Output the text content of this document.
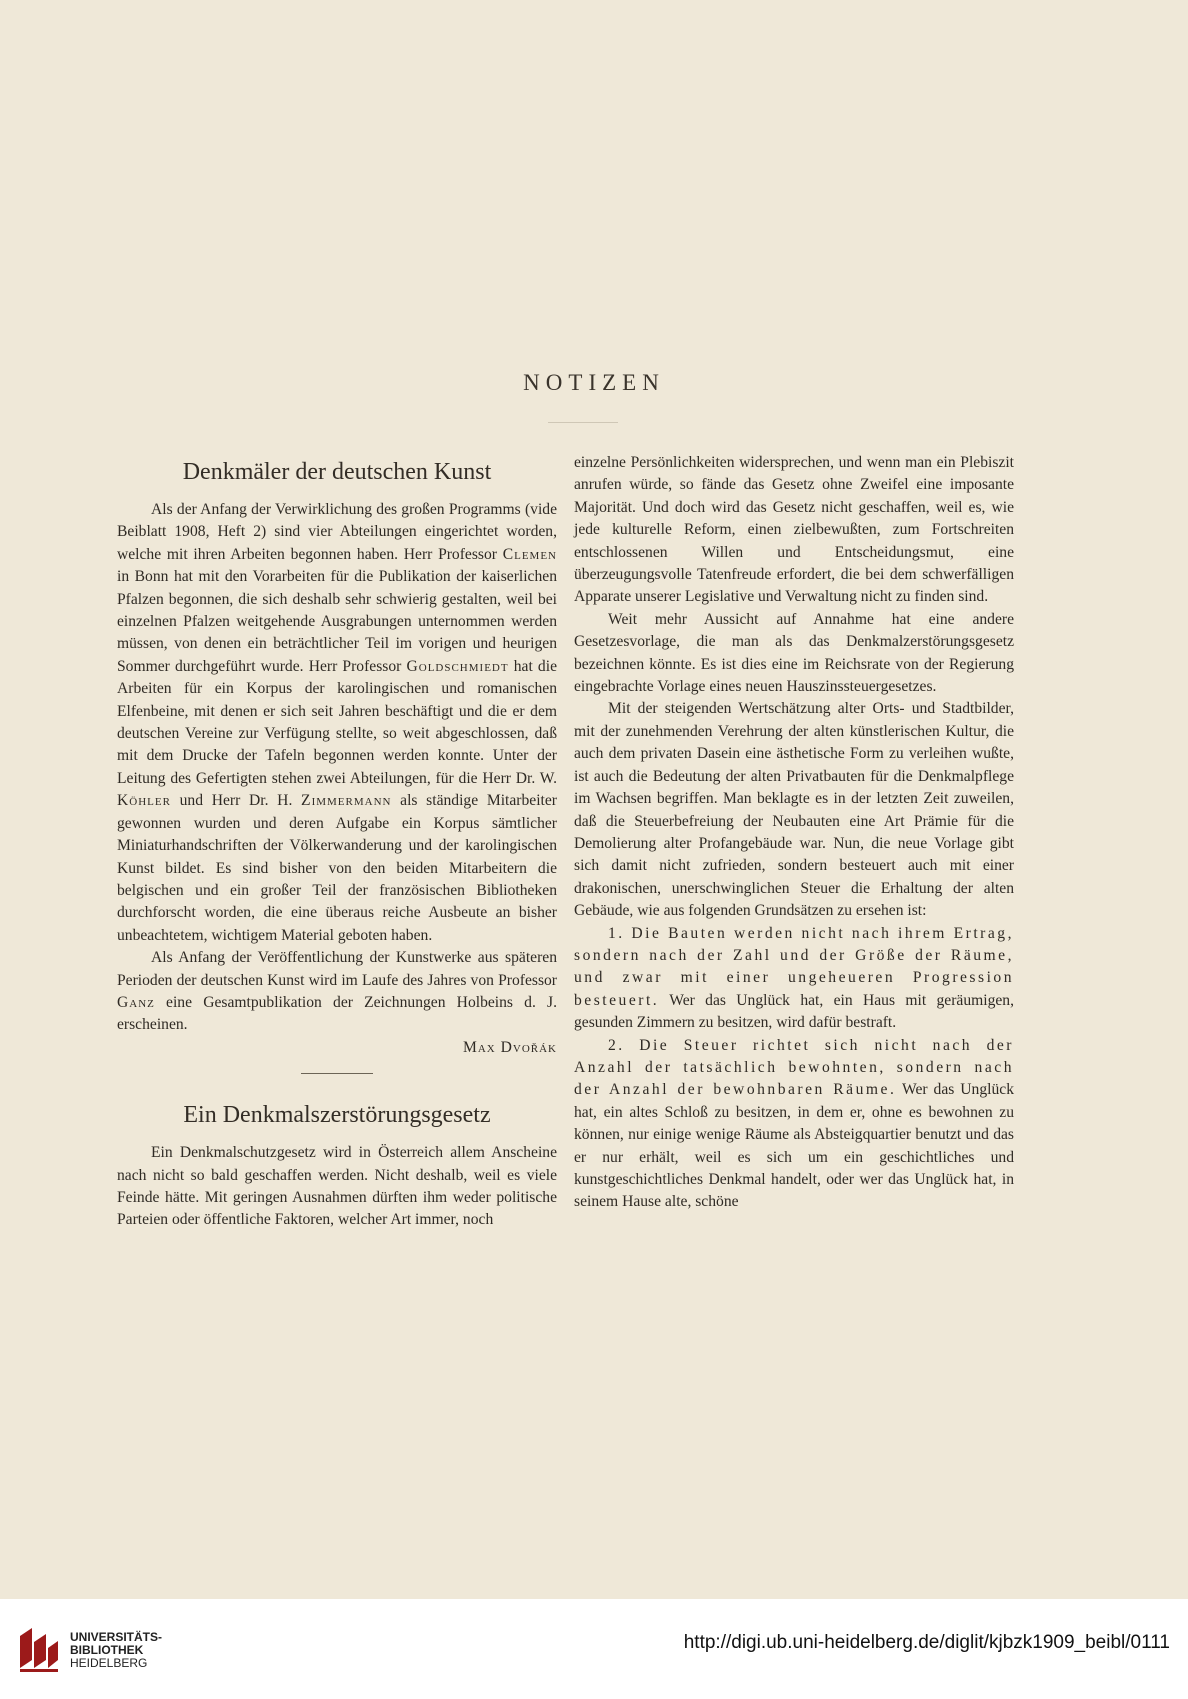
NOTIZEN
Denkmäler der deutschen Kunst

Als der Anfang der Verwirklichung des großen Programms (vide Beiblatt 1908, Heft 2) sind vier Abteilungen eingerichtet worden, welche mit ihren Arbeiten begonnen haben. Herr Professor Clemen in Bonn hat mit den Vorarbeiten für die Publikation der kaiserlichen Pfalzen begonnen, die sich deshalb sehr schwierig gestalten, weil bei einzelnen Pfalzen weitgehende Ausgrabungen unternommen werden müssen, von denen ein beträchtlicher Teil im vorigen und heurigen Sommer durchgeführt wurde. Herr Professor Goldschmiedt hat die Arbeiten für ein Korpus der karolingischen und romanischen Elfenbeine, mit denen er sich seit Jahren beschäftigt und die er dem deutschen Vereine zur Verfügung stellte, so weit abgeschlossen, daß mit dem Drucke der Tafeln begonnen werden konnte. Unter der Leitung des Gefertigten stehen zwei Abteilungen, für die Herr Dr. W. Köhler und Herr Dr. H. Zimmermann als ständige Mitarbeiter gewonnen wurden und deren Aufgabe ein Korpus sämtlicher Miniaturhandschriften der Völkerwanderung und der karolingischen Kunst bildet. Es sind bisher von den beiden Mitarbeitern die belgischen und ein großer Teil der französischen Bibliotheken durchforscht worden, die eine überaus reiche Ausbeute an bisher unbeachtetem, wichtigem Material geboten haben.

Als Anfang der Veröffentlichung der Kunstwerke aus späteren Perioden der deutschen Kunst wird im Laufe des Jahres von Professor Ganz eine Gesamtpublikation der Zeichnungen Holbeins d. J. erscheinen.

Max Dvořák
Ein Denkmalszerstörungsgesetz

Ein Denkmalschutzgesetz wird in Österreich allem Anscheine nach nicht so bald geschaffen werden. Nicht deshalb, weil es viele Feinde hätte. Mit geringen Ausnahmen dürften ihm weder politische Parteien oder öffentliche Faktoren, welcher Art immer, noch

einzelne Persönlichkeiten widersprechen, und wenn man ein Plebiszit anrufen würde, so fände das Gesetz ohne Zweifel eine imposante Majorität. Und doch wird das Gesetz nicht geschaffen, weil es, wie jede kulturelle Reform, einen zielbewußten, zum Fortschreiten entschlossenen Willen und Entscheidungsmut, eine überzeugungsvolle Tatenfreude erfordert, die bei dem schwerfälligen Apparate unserer Legislative und Verwaltung nicht zu finden sind.

Weit mehr Aussicht auf Annahme hat eine andere Gesetzesvorlage, die man als das Denkmalzerstörungsgesetz bezeichnen könnte. Es ist dies eine im Reichsrate von der Regierung eingebrachte Vorlage eines neuen Hauszinssteuergesetzes.

Mit der steigenden Wertschätzung alter Orts- und Stadtbilder, mit der zunehmenden Verehrung der alten künstlerischen Kultur, die auch dem privaten Dasein eine ästhetische Form zu verleihen wußte, ist auch die Bedeutung der alten Privatbauten für die Denkmalpflege im Wachsen begriffen. Man beklagte es in der letzten Zeit zuweilen, daß die Steuerbefreiung der Neubauten eine Art Prämie für die Demolierung alter Profangebäude war. Nun, die neue Vorlage gibt sich damit nicht zufrieden, sondern besteuert auch mit einer drakonischen, unerschwinglichen Steuer die Erhaltung der alten Gebäude, wie aus folgenden Grundsätzen zu ersehen ist:

1. Die Bauten werden nicht nach ihrem Ertrag, sondern nach der Zahl und der Größe der Räume, und zwar mit einer ungeheueren Progression besteuert. Wer das Unglück hat, ein Haus mit geräumigen, gesunden Zimmern zu besitzen, wird dafür bestraft.

2. Die Steuer richtet sich nicht nach der Anzahl der tatsächlich bewohnten, sondern nach der Anzahl der bewohnbaren Räume. Wer das Unglück hat, ein altes Schloß zu besitzen, in dem er, ohne es bewohnen zu können, nur einige wenige Räume als Absteigquartier benutzt und das er nur erhält, weil es sich um ein geschichtliches und kunstgeschichtliches Denkmal handelt, oder wer das Unglück hat, in seinem Hause alte, schöne

UNIVERSITÄTS-
BIBLIOTHEK
HEIDELBERG
http://digi.ub.uni-heidelberg.de/diglit/kjbzk1909_beibl/0111
